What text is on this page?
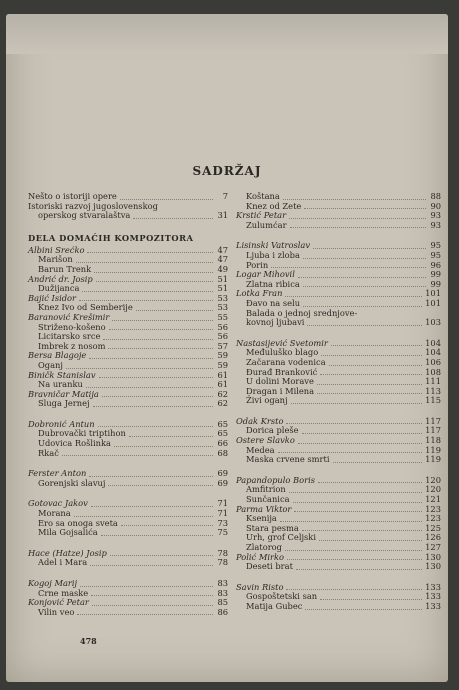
SADRŽAJ
Nešto o istoriji opere	7
Istoriski razvoj jugoslovenskog
operskog stvaralaštva	31
DELA DOMAĆIH KOMPOZITORA
Albini Srećko	47
Marišon	47
Barun Trenk	49
Andrić dr. Josip	51
Dužijanca	51
Bajić Isidor	53
Knez Ivo od Semberije	53
Baranović Krešimir	55
Striženo-košeno	56
Licitarsko srce	56
Imbrek z nosom	57
Bersa Blagoje	59
Oganj	59
Biničk Stanislav	61
Na uranku	61
Bravničar Matija	62
Sluga Jernej	62
Dobronić Antun	65
Dubrovački triptihon	65
Udovica Rošlinka	66
Rkač	68
Ferster Anton	69
Gorenjski slavuj	69
Gotovac Jakov	71
Morana	71
Ero sa onoga sveta	73
Mila Gojsalića	75
Hace (Hatze) Josip	78
Adel i Mara	78
Kogoj Marij	83
Crne maske	83
Konjović Petar	85
Vilin veo	86
Koštana	88
Knez od Zete	90
Krstić Petar	93
Zulumćar	93
Lisinski Vatroslav	95
Ljuba i zloba	95
Porin	96
Logar Mihovil	99
Zlatna ribica	99
Lotka Fran	101
Đavo na selu	101
Balada o jednoj srednjove-
kovnoj ljubavi	103
Nastasijević Svetomir	104
Međuluško blago	104
Začarana vodenica	106
Đurađ Branković	108
U dolini Morave	111
Dragan i Milena	113
Živi oganj	115
Odak Krsto	117
Dorica pleše	117
Ostere Slavko	118
Medea	119
Maska crvene smrti	119
Papandopulo Boris	120
Amfitrion	120
Sunčanica	121
Parma Viktor	123
Ksenija	123
Stara pesma	125
Urh, grof Celjski	126
Zlatorog	127
Polić Mirko	130
Deseti brat	130
Savin Risto	133
Gospoštetski san	133
Matija Gubec	133
478
